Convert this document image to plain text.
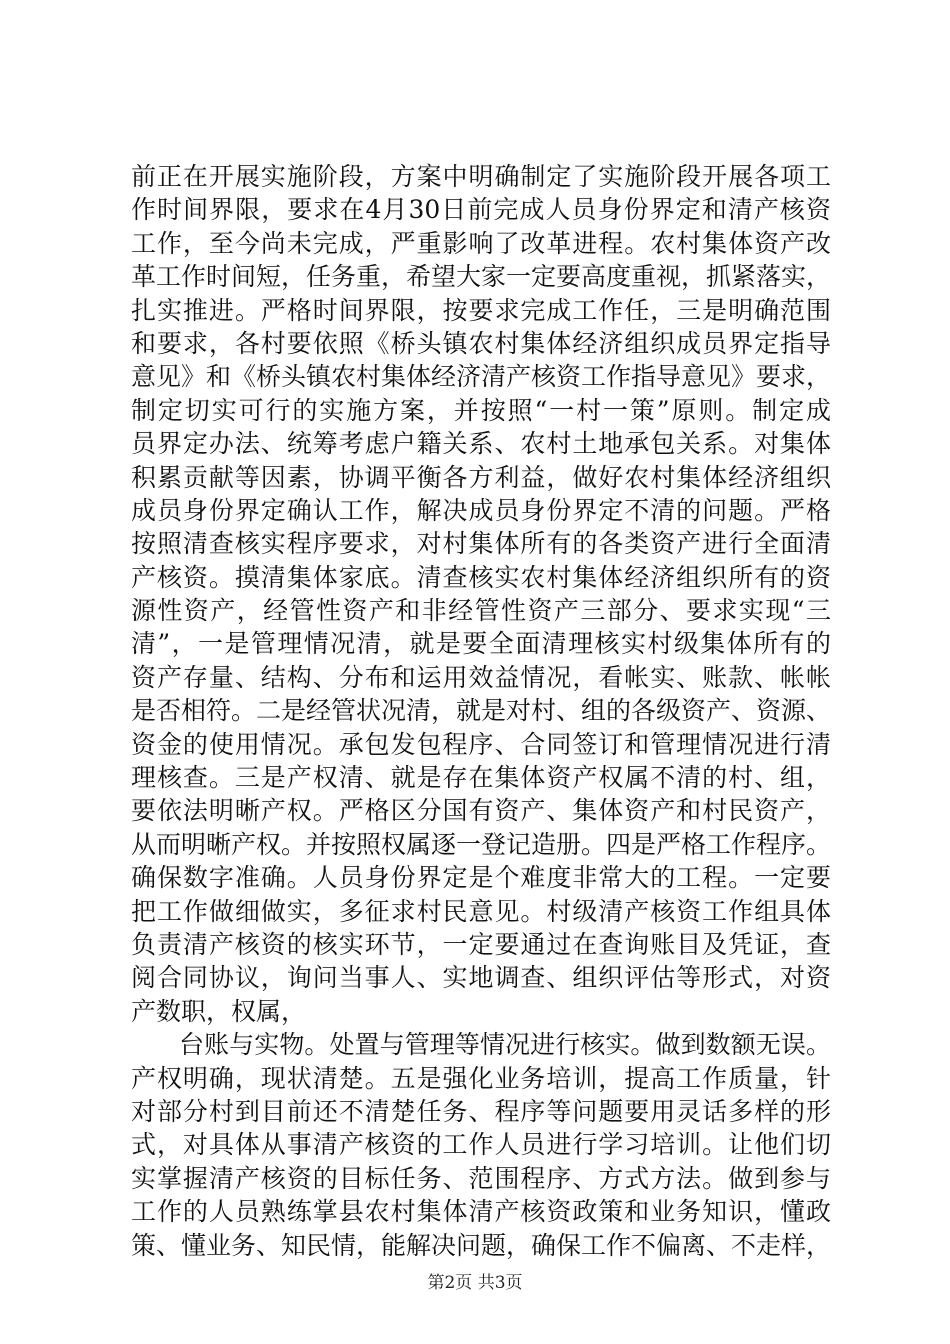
前正在开展实施阶段，方案中明确制定了实施阶段开展各项工
作时间界限，要求在4月30日前完成人员身份界定和清产核资
工作，至今尚未完成，严重影响了改革进程。农村集体资产改
革工作时间短，任务重，希望大家一定要高度重视，抓紧落实，
扎实推进。严格时间界限，按要求完成工作任，三是明确范围
和要求，各村要依照《桥头镇农村集体经济组织成员界定指导
意见》和《桥头镇农村集体经济清产核资工作指导意见》要求，
制定切实可行的实施方案，并按照“一村一策”原则。制定成
员界定办法、统筹考虑户籍关系、农村土地承包关系。对集体
积累贡献等因素，协调平衡各方利益，做好农村集体经济组织
成员身份界定确认工作，解决成员身份界定不清的问题。严格
按照清查核实程序要求，对村集体所有的各类资产进行全面清
产核资。摸清集体家底。清查核实农村集体经济组织所有的资
源性资产，经管性资产和非经管性资产三部分、要求实现“三
清”，一是管理情况清，就是要全面清理核实村级集体所有的
资产存量、结构、分布和运用效益情况，看帐实、账款、帐帐
是否相符。二是经管状况清，就是对村、组的各级资产、资源、
资金的使用情况。承包发包程序、合同签订和管理情况进行清
理核查。三是产权清、就是存在集体资产权属不清的村、组，
要依法明晰产权。严格区分国有资产、集体资产和村民资产，
从而明晰产权。并按照权属逐一登记造册。四是严格工作程序。
确保数字准确。人员身份界定是个难度非常大的工程。一定要
把工作做细做实，多征求村民意见。村级清产核资工作组具体
负责清产核资的核实环节，一定要通过在查询账目及凭证，查
阅合同协议，询问当事人、实地调查、组织评估等形式，对资
产数职，权属，
台账与实物。处置与管理等情况进行核实。做到数额无误。
产权明确，现状清楚。五是强化业务培训，提高工作质量，针
对部分村到目前还不清楚任务、程序等问题要用灵话多样的形
式，对具体从事清产核资的工作人员进行学习培训。让他们切
实掌握清产核资的目标任务、范围程序、方式方法。做到参与
工作的人员熟练掌县农村集体清产核资政策和业务知识，懂政
策、懂业务、知民情，能解决问题，确保工作不偏离、不走样，
第2页 共3页
